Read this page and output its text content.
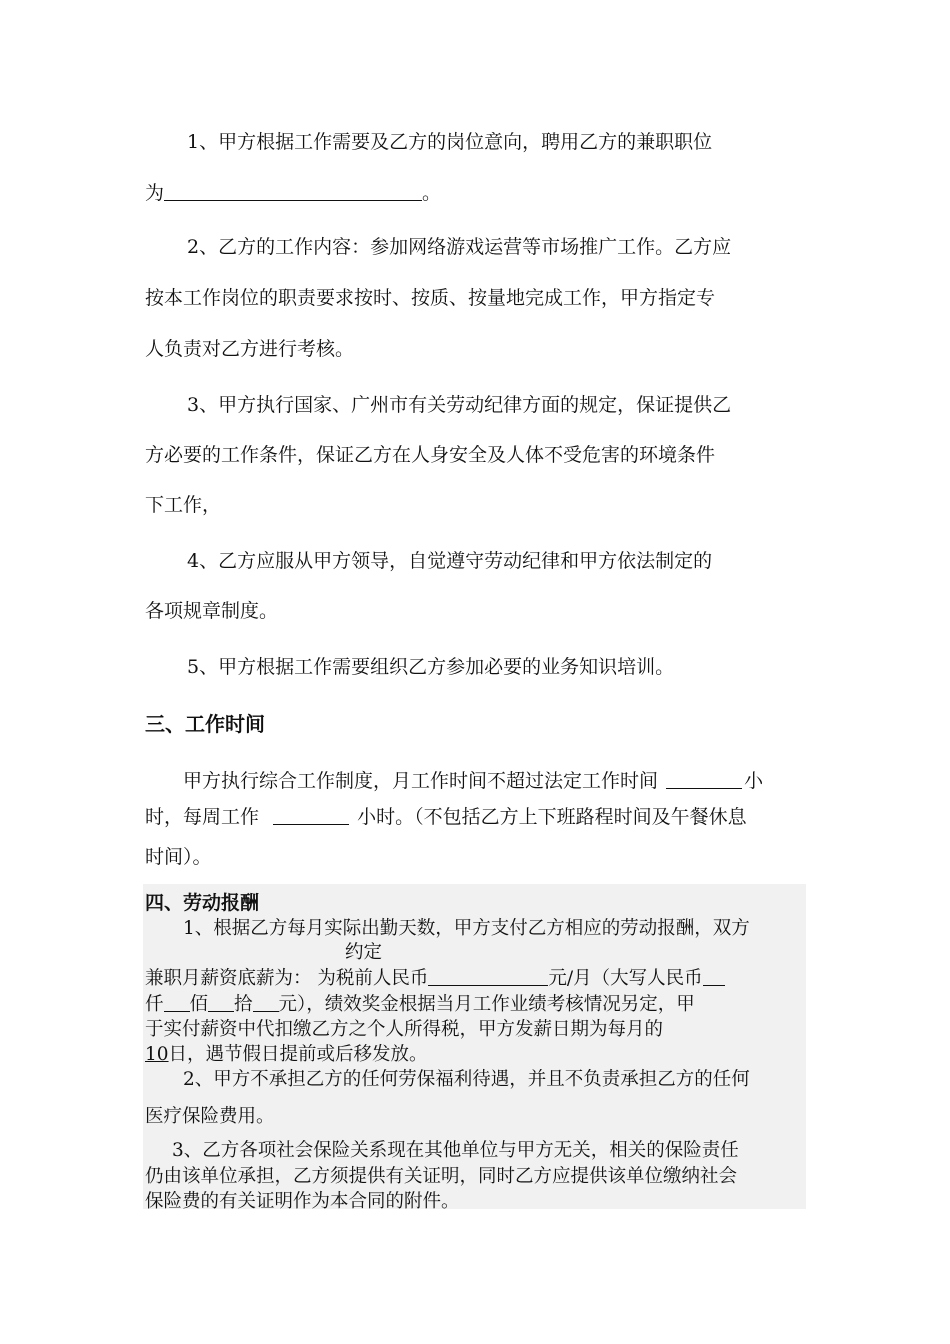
1、甲方根据工作需要及乙方的岗位意向，聘用乙方的兼职职位
为	。
2、乙方的工作内容：参加网络游戏运营等市场推广工作。乙方应
按本工作岗位的职责要求按时、按质、按量地完成工作，甲方指定专
人负责对乙方进行考核。
3、甲方执行国家、广州市有关劳动纪律方面的规定，保证提供乙
方必要的工作条件，保证乙方在人身安全及人体不受危害的环境条件
下工作，
4、乙方应服从甲方领导，自觉遵守劳动纪律和甲方依法制定的
各项规章制度。
5、甲方根据工作需要组织乙方参加必要的业务知识培训。
三、工作时间
甲方执行综合工作制度，月工作时间不超过法定工作时间	小
时，每周工作	小时。（不包括乙方上下班路程时间及午餐休息
时间）。
四、劳动报酬
1、根据乙方每月实际出勤天数，甲方支付乙方相应的劳动报酬，双方
约定
兼职月薪资底薪为： 为税前人民币	元/月（大写人民币
仟 佰 拾 元），绩效奖金根据当月工作业绩考核情况另定，甲
于实付薪资中代扣缴乙方之个人所得税，甲方发薪日期为每月的
10日，遇节假日提前或后移发放。
2、甲方不承担乙方的任何劳保福利待遇，并且不负责承担乙方的任何
医疗保险费用。
3、乙方各项社会保险关系现在其他单位与甲方无关，相关的保险责任
仍由该单位承担，乙方须提供有关证明，同时乙方应提供该单位缴纳社会
保险费的有关证明作为本合同的附件。
